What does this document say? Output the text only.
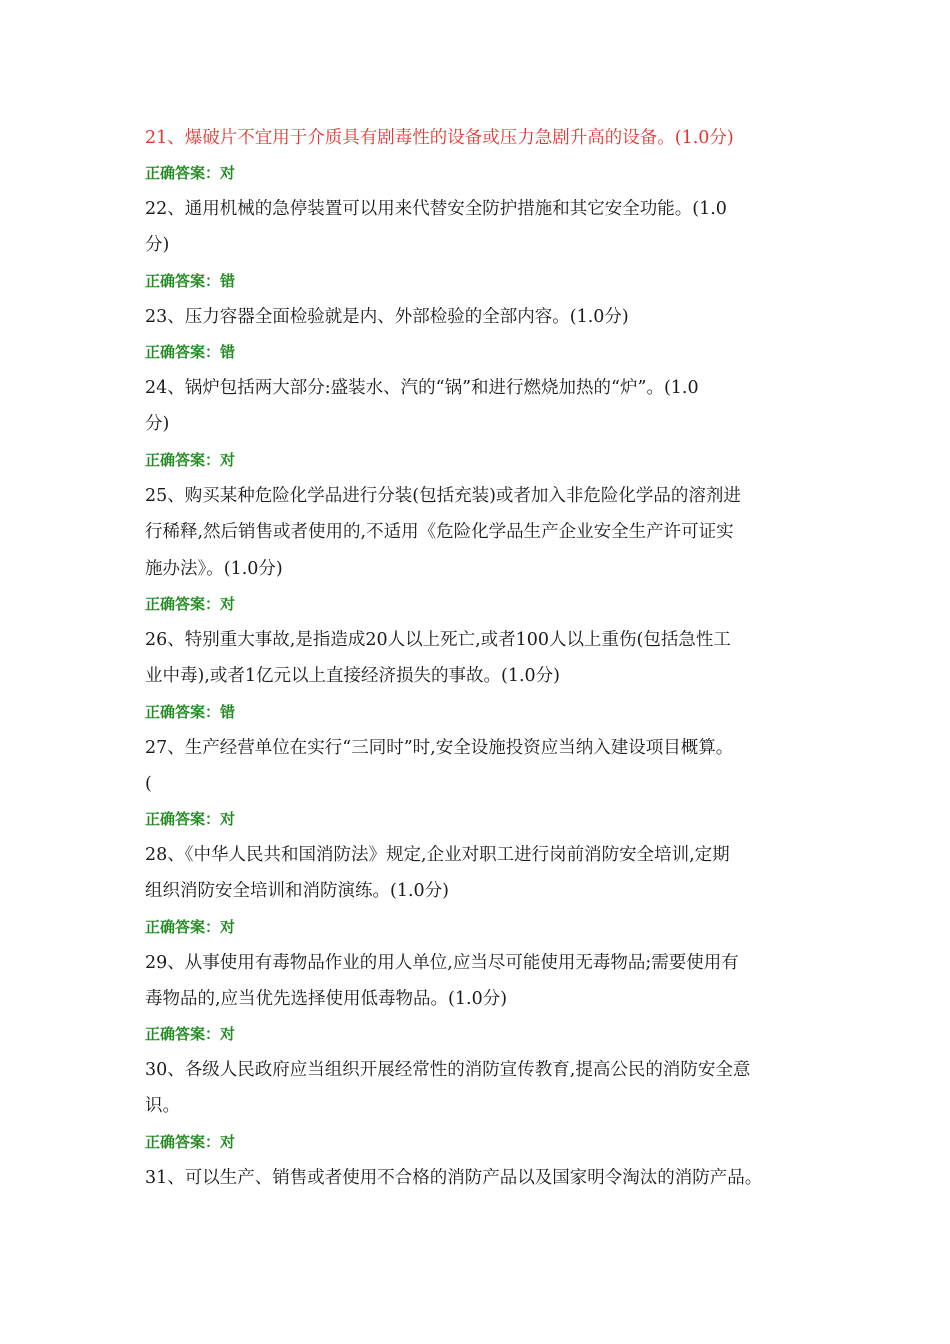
21、爆破片不宜用于介质具有剧毒性的设备或压力急剧升高的设备。(1.0分)
正确答案：对
22、通用机械的急停装置可以用来代替安全防护措施和其它安全功能。(1.0
分)
正确答案：错
23、压力容器全面检验就是内、外部检验的全部内容。(1.0分)
正确答案：错
24、锅炉包括两大部分:盛装水、汽的“锅”和进行燃烧加热的“炉”。(1.0
分)
正确答案：对
25、购买某种危险化学品进行分装(包括充装)或者加入非危险化学品的溶剂进
行稀释,然后销售或者使用的,不适用《危险化学品生产企业安全生产许可证实
施办法》。(1.0分)
正确答案：对
26、特别重大事故,是指造成20人以上死亡,或者100人以上重伤(包括急性工
业中毒),或者1亿元以上直接经济损失的事故。(1.0分)
正确答案：错
27、生产经营单位在实行“三同时”时,安全设施投资应当纳入建设项目概算。
(
正确答案：对
28、《中华人民共和国消防法》规定,企业对职工进行岗前消防安全培训,定期
组织消防安全培训和消防演练。(1.0分)
正确答案：对
29、从事使用有毒物品作业的用人单位,应当尽可能使用无毒物品;需要使用有
毒物品的,应当优先选择使用低毒物品。(1.0分)
正确答案：对
30、各级人民政府应当组织开展经常性的消防宣传教育,提高公民的消防安全意
识。
正确答案：对
31、可以生产、销售或者使用不合格的消防产品以及国家明令淘汰的消防产品。
